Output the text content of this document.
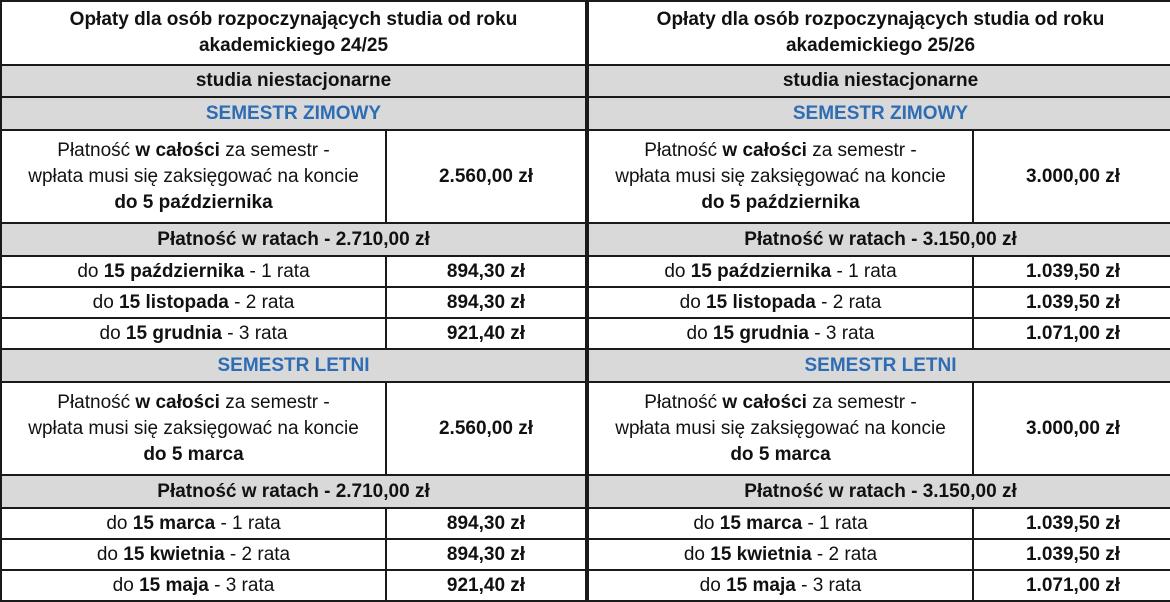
Opłaty dla osób rozpoczynających studia od roku
akademickiego 24/25	
studia niestacjonarne	
SEMESTR ZIMOWY	
Płatność w całości za semestr -
wpłata musi się zaksięgować na koncie
do 5 października	2.560,00 zł
Płatność w ratach - 2.710,00 zł	
do 15 października - 1 rata	894,30 zł
do 15 listopada - 2 rata	894,30 zł
do 15 grudnia - 3 rata	921,40 zł
SEMESTR LETNI	
Płatność w całości za semestr -
wpłata musi się zaksięgować na koncie
do 5 marca	2.560,00 zł
Płatność w ratach - 2.710,00 zł	
do 15 marca - 1 rata	894,30 zł
do 15 kwietnia - 2 rata	894,30 zł
do 15 maja - 3 rata	921,40 zł
Opłaty dla osób rozpoczynających studia od roku
akademickiego 25/26	
studia niestacjonarne	
SEMESTR ZIMOWY	
Płatność w całości za semestr -
wpłata musi się zaksięgować na koncie
do 5 października	3.000,00 zł
Płatność w ratach - 3.150,00 zł	
do 15 października - 1 rata	1.039,50 zł
do 15 listopada - 2 rata	1.039,50 zł
do 15 grudnia - 3 rata	1.071,00 zł
SEMESTR LETNI	
Płatność w całości za semestr -
wpłata musi się zaksięgować na koncie
do 5 marca	3.000,00 zł
Płatność w ratach - 3.150,00 zł	
do 15 marca - 1 rata	1.039,50 zł
do 15 kwietnia - 2 rata	1.039,50 zł
do 15 maja - 3 rata	1.071,00 zł
